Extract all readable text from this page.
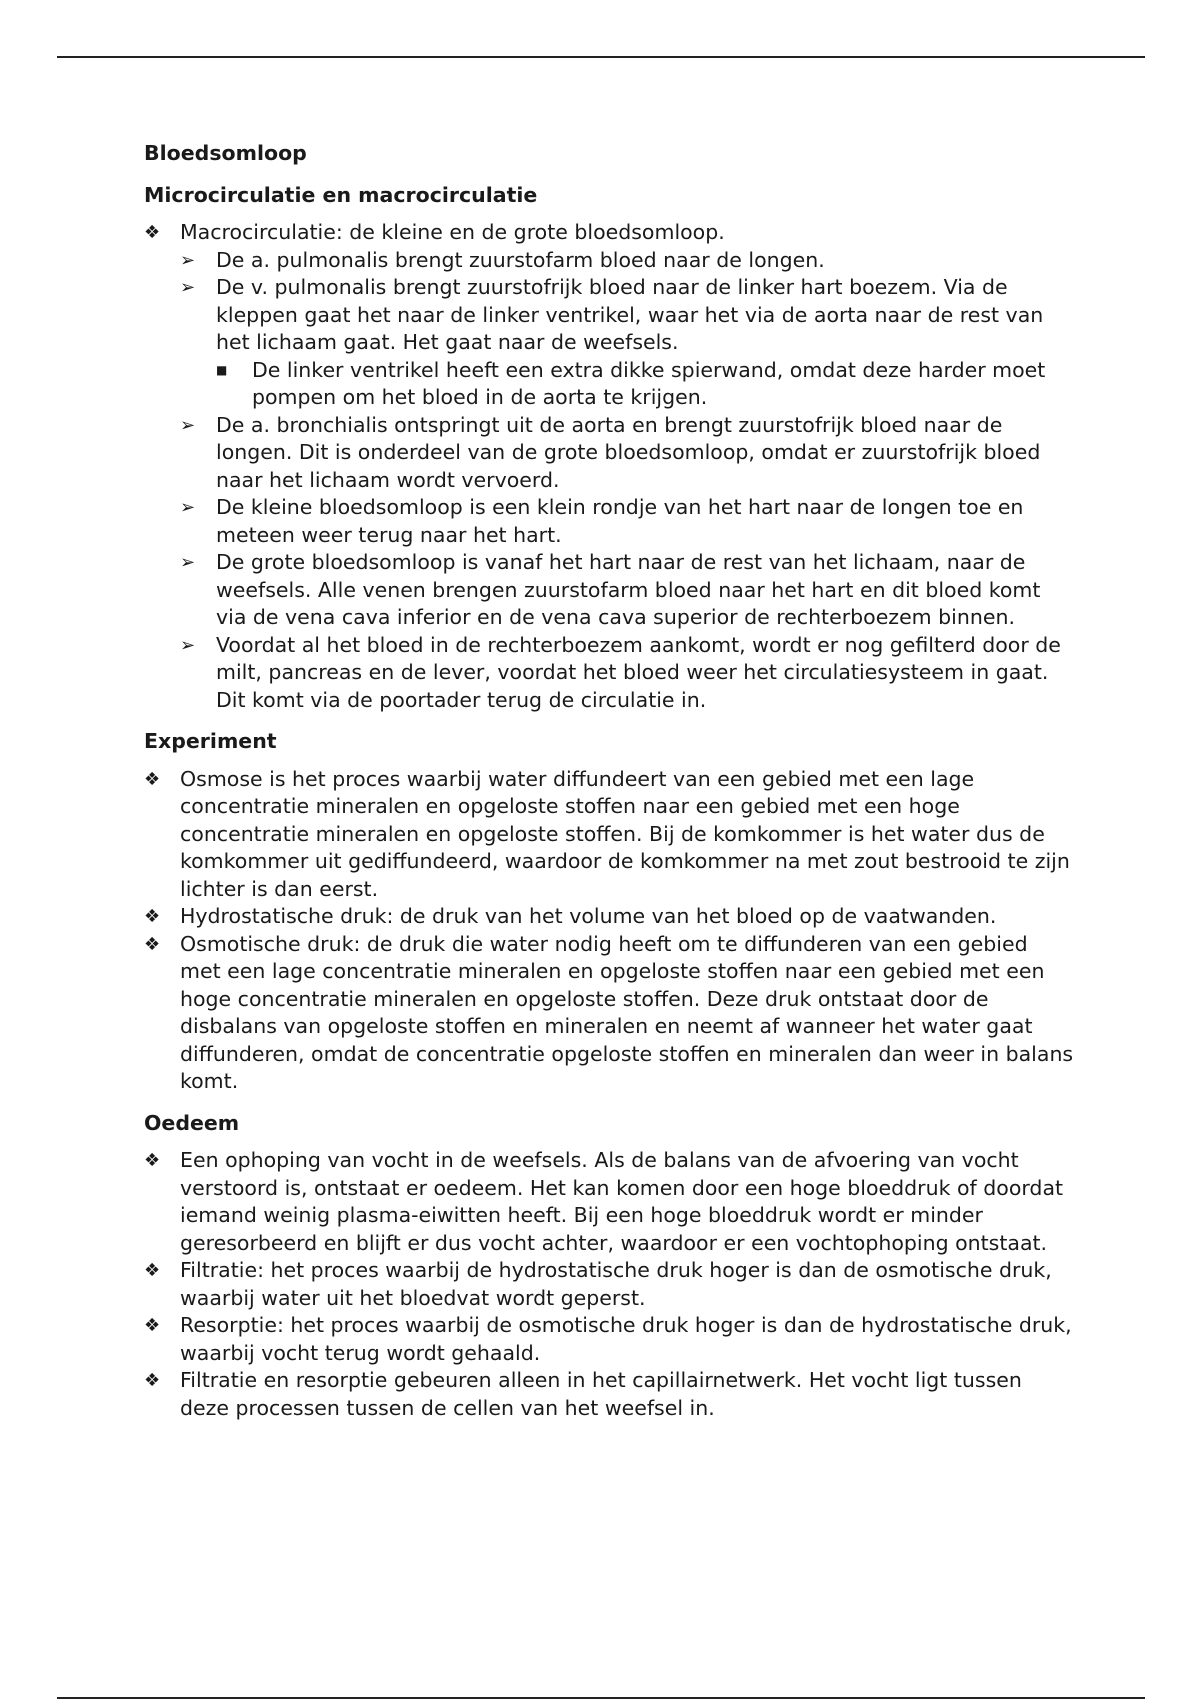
Bloedsomloop
Microcirculatie en macrocirculatie
❖ Macrocirculatie: de kleine en de grote bloedsomloop.
➢	De a. pulmonalis brengt zuurstofarm bloed naar de longen.
➢	De v. pulmonalis brengt zuurstofrijk bloed naar de linker hart boezem. Via de kleppen gaat het naar de linker ventrikel, waar het via de aorta naar de rest van het lichaam gaat. Het gaat naar de weefsels.
■	De linker ventrikel heeft een extra dikke spierwand, omdat deze harder moet pompen om het bloed in de aorta te krijgen.
➢	De a. bronchialis ontspringt uit de aorta en brengt zuurstofrijk bloed naar de longen. Dit is onderdeel van de grote bloedsomloop, omdat er zuurstofrijk bloed naar het lichaam wordt vervoerd.
➢	De kleine bloedsomloop is een klein rondje van het hart naar de longen toe en meteen weer terug naar het hart.
➢	De grote bloedsomloop is vanaf het hart naar de rest van het lichaam, naar de weefsels. Alle venen brengen zuurstofarm bloed naar het hart en dit bloed komt via de vena cava inferior en de vena cava superior de rechterboezem binnen.
➢	Voordat al het bloed in de rechterboezem aankomt, wordt er nog gefilterd door de milt, pancreas en de lever, voordat het bloed weer het circulatiesysteem in gaat. Dit komt via de poortader terug de circulatie in.
Experiment
❖ Osmose is het proces waarbij water diffundeert van een gebied met een lage concentratie mineralen en opgeloste stoffen naar een gebied met een hoge concentratie mineralen en opgeloste stoffen. Bij de komkommer is het water dus de komkommer uit gediffundeerd, waardoor de komkommer na met zout bestrooid te zijn lichter is dan eerst.
❖ Hydrostatische druk: de druk van het volume van het bloed op de vaatwanden.
❖ Osmotische druk: de druk die water nodig heeft om te diffunderen van een gebied met een lage concentratie mineralen en opgeloste stoffen naar een gebied met een hoge concentratie mineralen en opgeloste stoffen. Deze druk ontstaat door de disbalans van opgeloste stoffen en mineralen en neemt af wanneer het water gaat diffunderen, omdat de concentratie opgeloste stoffen en mineralen dan weer in balans komt.
Oedeem
❖ Een ophoping van vocht in de weefsels. Als de balans van de afvoering van vocht verstoord is, ontstaat er oedeem. Het kan komen door een hoge bloeddruk of doordat iemand weinig plasma-eiwitten heeft. Bij een hoge bloeddruk wordt er minder geresorbeerd en blijft er dus vocht achter, waardoor er een vochtophoping ontstaat.
❖ Filtratie: het proces waarbij de hydrostatische druk hoger is dan de osmotische druk, waarbij water uit het bloedvat wordt geperst.
❖ Resorptie: het proces waarbij de osmotische druk hoger is dan de hydrostatische druk, waarbij vocht terug wordt gehaald.
❖ Filtratie en resorptie gebeuren alleen in het capillairnetwerk. Het vocht ligt tussen deze processen tussen de cellen van het weefsel in.
